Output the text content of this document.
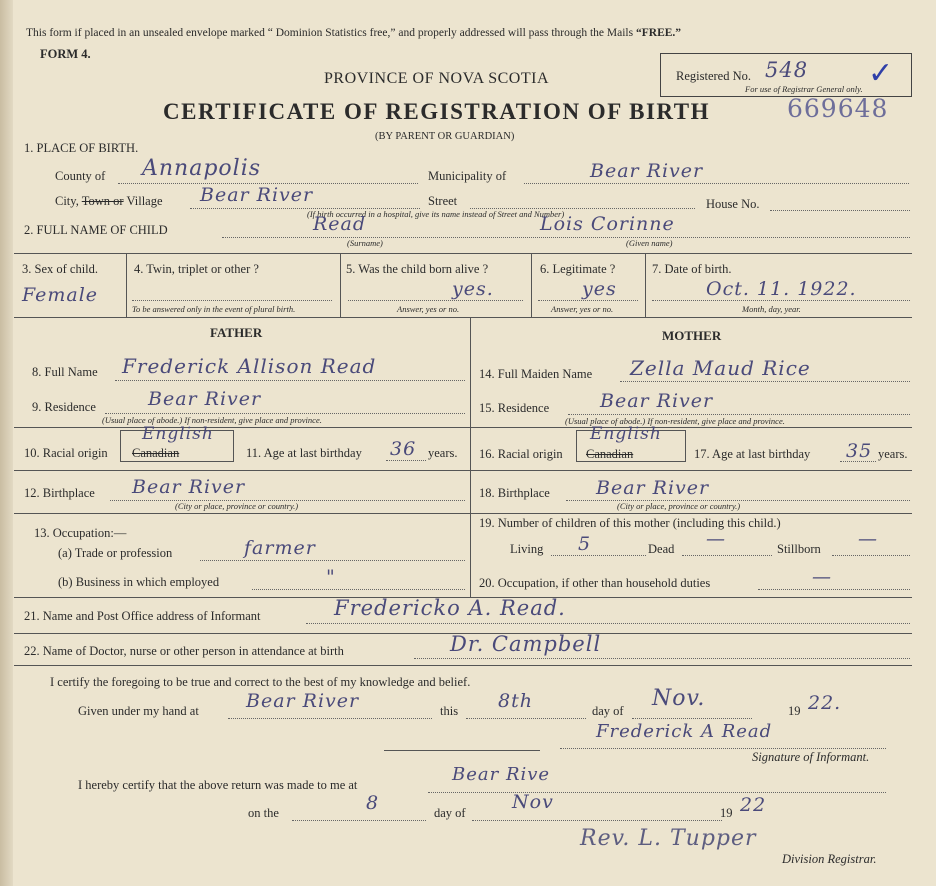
This form if placed in an unsealed envelope marked “ Dominion Statistics free,” and properly addressed will pass through the Mails “FREE.”
FORM 4.
PROVINCE OF NOVA SCOTIA
CERTIFICATE OF REGISTRATION OF BIRTH
(BY PARENT OR GUARDIAN)
Registered No. 548
For use of Registrar General only. ✓
669648
1. PLACE OF BIRTH.
County of Annapolis	Municipality of	Bear River
City, Town or Village Bear River	Street
(If birth occurred in a hospital, give its name instead of Street and Number)
House No.
2. FULL NAME OF CHILD	Read
(Surname)
Lois Corinne
(Given name)
3. Sex of child.
Female
4. Twin, triplet or other ?
To be answered only in the event of plural birth.
5. Was the child born alive ?
yes.
Answer, yes or no.
6. Legitimate ?
yes
Answer, yes or no.
7. Date of birth.
Oct. 11. 1922.
Month, day, year.
FATHER	MOTHER
8. Full Name Frederick Allison Read
9. Residence	Bear River
(Usual place of abode.) If non-resident, give place and province.
10. Racial origin Canadian
English
11. Age at last birthday 36 years.
12. Birthplace Bear River
(City or place, province or country.)
13. Occupation:—
(a) Trade or profession	farmer
(b) Business in which employed	"
14. Full Maiden Name Zella Maud Rice
15. Residence	Bear River
(Usual place of abode.) If non-resident, give place and province.
16. Racial origin Canadian
English
17. Age at last birthday 35 years.
18. Birthplace Bear River
(City or place, province or country.)
19. Number of children of this mother (including this child.)
Living 5	Dead —	Stillborn —
20. Occupation, if other than household duties	—
21. Name and Post Office address of Informant	Fredericko A. Read.
22. Name of Doctor, nurse or other person in attendance at birth	Dr. Campbell
I certify the foregoing to be true and correct to the best of my knowledge and belief.
Given under my hand at Bear River	this 8th	day of Nov.	19 22.
Frederick A Read
Signature of Informant.
I hereby certify that the above return was made to me at	Bear Rive
on the	8	day of Nov	19 22
Rev. L. Tupper
Division Registrar.
